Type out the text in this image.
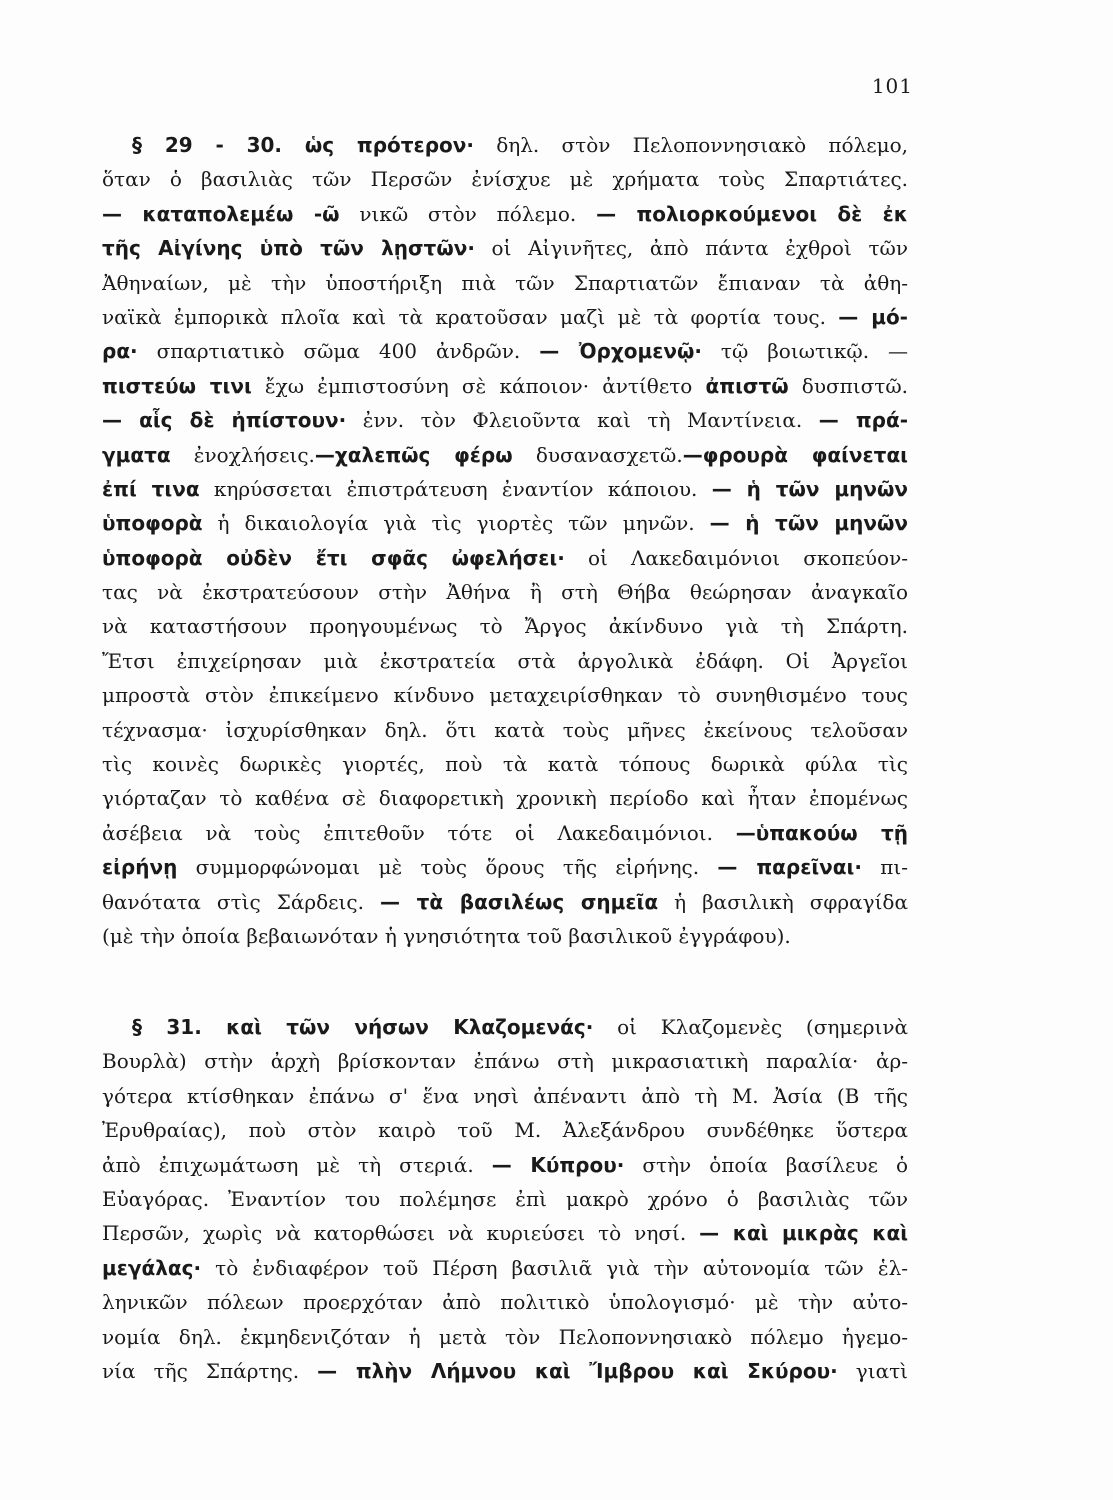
101
§ 29 - 30. ὡς πρότερον· δηλ. στὸν Πελοποννησιακὸ πόλεμο,
ὅταν ὁ βασιλιὰς τῶν Περσῶν ἐνίσχυε μὲ χρήματα τοὺς Σπαρτιάτες.
— καταπολεμέω -ῶ νικῶ στὸν πόλεμο. — πολιορκούμενοι δὲ ἐκ
τῆς Αἰγίνης ὑπὸ τῶν λῃστῶν· οἱ Αἰγινῆτες, ἀπὸ πάντα ἐχθροὶ τῶν
Ἀθηναίων, μὲ τὴν ὑποστήριξη πιὰ τῶν Σπαρτιατῶν ἔπιαναν τὰ ἀθη-
ναϊκὰ ἐμπορικὰ πλοῖα καὶ τὰ κρατοῦσαν μαζὶ μὲ τὰ φορτία τους. — μό-
ρα· σπαρτιατικὸ σῶμα 400 ἀνδρῶν. — Ὀρχομενῷ· τῷ βοιωτικῷ. —
πιστεύω τινι ἔχω ἐμπιστοσύνη σὲ κάποιον· ἀντίθετο ἀπιστῶ δυσπιστῶ.
— αἷς δὲ ἠπίστουν· ἐνν. τὸν Φλειοῦντα καὶ τὴ Μαντίνεια. — πρά-
γματα ἐνοχλήσεις.—χαλεπῶς φέρω δυσανασχετῶ.—φρουρὰ φαίνεται
ἐπί τινα κηρύσσεται ἐπιστράτευση ἐναντίον κάποιου. — ἡ τῶν μηνῶν
ὑποφορὰ ἡ δικαιολογία γιὰ τὶς γιορτὲς τῶν μηνῶν. — ἡ τῶν μηνῶν
ὑποφορὰ οὐδὲν ἔτι σφᾶς ὠφελήσει· οἱ Λακεδαιμόνιοι σκοπεύον-
τας νὰ ἐκστρατεύσουν στὴν Ἀθήνα ἢ στὴ Θήβα θεώρησαν ἀναγκαῖο
νὰ καταστήσουν προηγουμένως τὸ Ἄργος ἀκίνδυνο γιὰ τὴ Σπάρτη.
Ἔτσι ἐπιχείρησαν μιὰ ἐκστρατεία στὰ ἀργολικὰ ἐδάφη. Οἱ Ἀργεῖοι
μπροστὰ στὸν ἐπικείμενο κίνδυνο μεταχειρίσθηκαν τὸ συνηθισμένο τους
τέχνασμα· ἰσχυρίσθηκαν δηλ. ὅτι κατὰ τοὺς μῆνες ἐκείνους τελοῦσαν
τὶς κοινὲς δωρικὲς γιορτές, ποὺ τὰ κατὰ τόπους δωρικὰ φύλα τὶς
γιόρταζαν τὸ καθένα σὲ διαφορετικὴ χρονικὴ περίοδο καὶ ἦταν ἐπομένως
ἀσέβεια νὰ τοὺς ἐπιτεθοῦν τότε οἱ Λακεδαιμόνιοι. —ὑπακούω τῇ
εἰρήνῃ συμμορφώνομαι μὲ τοὺς ὅρους τῆς εἰρήνης. — παρεῖναι· πι-
θανότατα στὶς Σάρδεις. — τὰ βασιλέως σημεῖα ἡ βασιλικὴ σφραγίδα
(μὲ τὴν ὁποία βεβαιωνόταν ἡ γνησιότητα τοῦ βασιλικοῦ ἐγγράφου).
§ 31. καὶ τῶν νήσων Κλαζομενάς· οἱ Κλαζομενὲς (σημερινὰ
Βουρλὰ) στὴν ἀρχὴ βρίσκονταν ἐπάνω στὴ μικρασιατικὴ παραλία· ἀρ-
γότερα κτίσθηκαν ἐπάνω σ' ἕνα νησὶ ἀπέναντι ἀπὸ τὴ Μ. Ἀσία (Β τῆς
Ἐρυθραίας), ποὺ στὸν καιρὸ τοῦ Μ. Ἀλεξάνδρου συνδέθηκε ὕστερα
ἀπὸ ἐπιχωμάτωση μὲ τὴ στεριά. — Κύπρου· στὴν ὁποία βασίλευε ὁ
Εὐαγόρας. Ἐναντίον του πολέμησε ἐπὶ μακρὸ χρόνο ὁ βασιλιὰς τῶν
Περσῶν, χωρὶς νὰ κατορθώσει νὰ κυριεύσει τὸ νησί. — καὶ μικρὰς καὶ
μεγάλας· τὸ ἐνδιαφέρον τοῦ Πέρση βασιλιᾶ γιὰ τὴν αὐτονομία τῶν ἑλ-
ληνικῶν πόλεων προερχόταν ἀπὸ πολιτικὸ ὑπολογισμό· μὲ τὴν αὐτο-
νομία δηλ. ἐκμηδενιζόταν ἡ μετὰ τὸν Πελοποννησιακὸ πόλεμο ἡγεμο-
νία τῆς Σπάρτης. — πλὴν Λήμνου καὶ Ἴμβρου καὶ Σκύρου· γιατὶ
